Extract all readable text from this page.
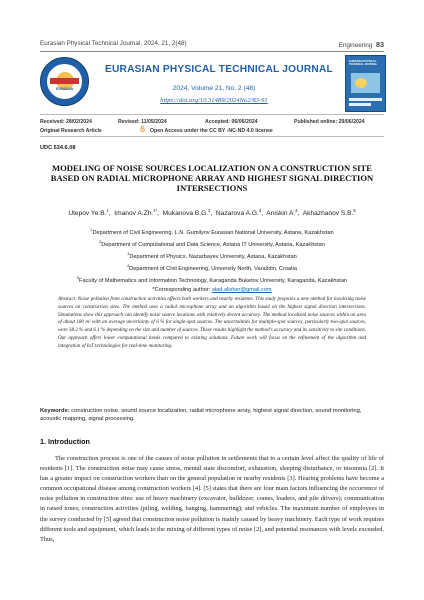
Eurasian Physical Technical Journal, 2024, 21, 2(48)	Engineering 83
EURASIAN
EURASIAN PHYSICAL TECHNICAL JOURNAL
2024, Volume 21, No. 2 (48)
https://doi.org/10.31489/2024No2/83-91
EURASIAN PHYSICAL TECHNICAL JOURNAL
Received: 28/02/2024	Revised: 11/05/2024	Accepted: 06/06/2024	Published online: 29/06/2024
Original Research Article	Open Access under the CC BY -NC-ND 4.0 license
UDC 534.6.08
MODELING OF NOISE SOURCES LOCALIZATION ON A CONSTRUCTION SITE BASED ON RADIAL MICROPHONE ARRAY AND HIGHEST SIGNAL DIRECTION INTERSECTIONS
Utepov Ye.B.$^1$,  Imanov A.Zh.$^{1*}$,  Mukanova B.G.$^2$,  Nazarova A.G.$^3$,  Aniskin A.$^4$,  Akhazhanov S.B.$^5$
$^1$Department of Civil Engineering, L.N. Gumilyov Eurasian National University, Astana, Kazakhstan
$^2$Department of Computational and Data Science, Astana IT University, Astana, Kazakhstan
$^3$Department of Physics, Nazarbayev University, Astana, Kazakhstan
$^4$Department of Civil Engineering, University North, Varaždin, Croatia
$^5$Faculty of Mathematics and Information Technology, Karaganda Buketov University, Karaganda, Kazakhstan
*Corresponding author: alad.alisher@gmail.com
Abstract. Noise pollution from construction activities affects both workers and nearby residents. This study proposes a new method for localizing noise sources on construction sites. The method uses a radial microphone array and an algorithm based on the highest signal direction intersections. Simulations show this approach can identify noise source locations with relatively decent accuracy. The method localized noise sources within an area of about 180 m² with an average uncertainty of 6 % for single-spot sources. The uncertainties for multiple-spot sources, particularly two-spot sources, were 38.2 % and 6.1 % depending on the size and number of sources. These results highlight the method's accuracy and its sensitivity to site conditions. Our approach offers lower computational needs compared to existing solutions. Future work will focus on the refinement of the algorithm and integration of IoT technologies for real-time monitoring.
Keywords: construction noise, sound source localization, radial microphone array, highest signal direction, sound monitoring, acoustic mapping, signal processing.
1. Introduction
The construction process is one of the causes of noise pollution in settlements that to a certain level affect the quality of life of residents [1]. The construction noise may cause stress, mental state discomfort, exhaustion, sleeping disturbance, or insomnia [2]. It has a greater impact on construction workers than on the general population or nearby residents [3]. Hearing problems have become a common occupational disease among construction workers [4]. [5] states that there are four main factors influencing the occurrence of noise pollution in construction sites: use of heavy machinery (excavator, bulldozer, cranes, loaders, and pile drivers); communication in raised tones; construction activities (piling, welding, banging, hammering); and vehicles. The maximum number of employees in the survey conducted by [5] agreed that construction noise pollution is mainly caused by heavy machinery. Each type of work requires different tools and equipment, which leads to the mixing of different types of noise [2], and potential resonances with levels exceeded. Thus,
